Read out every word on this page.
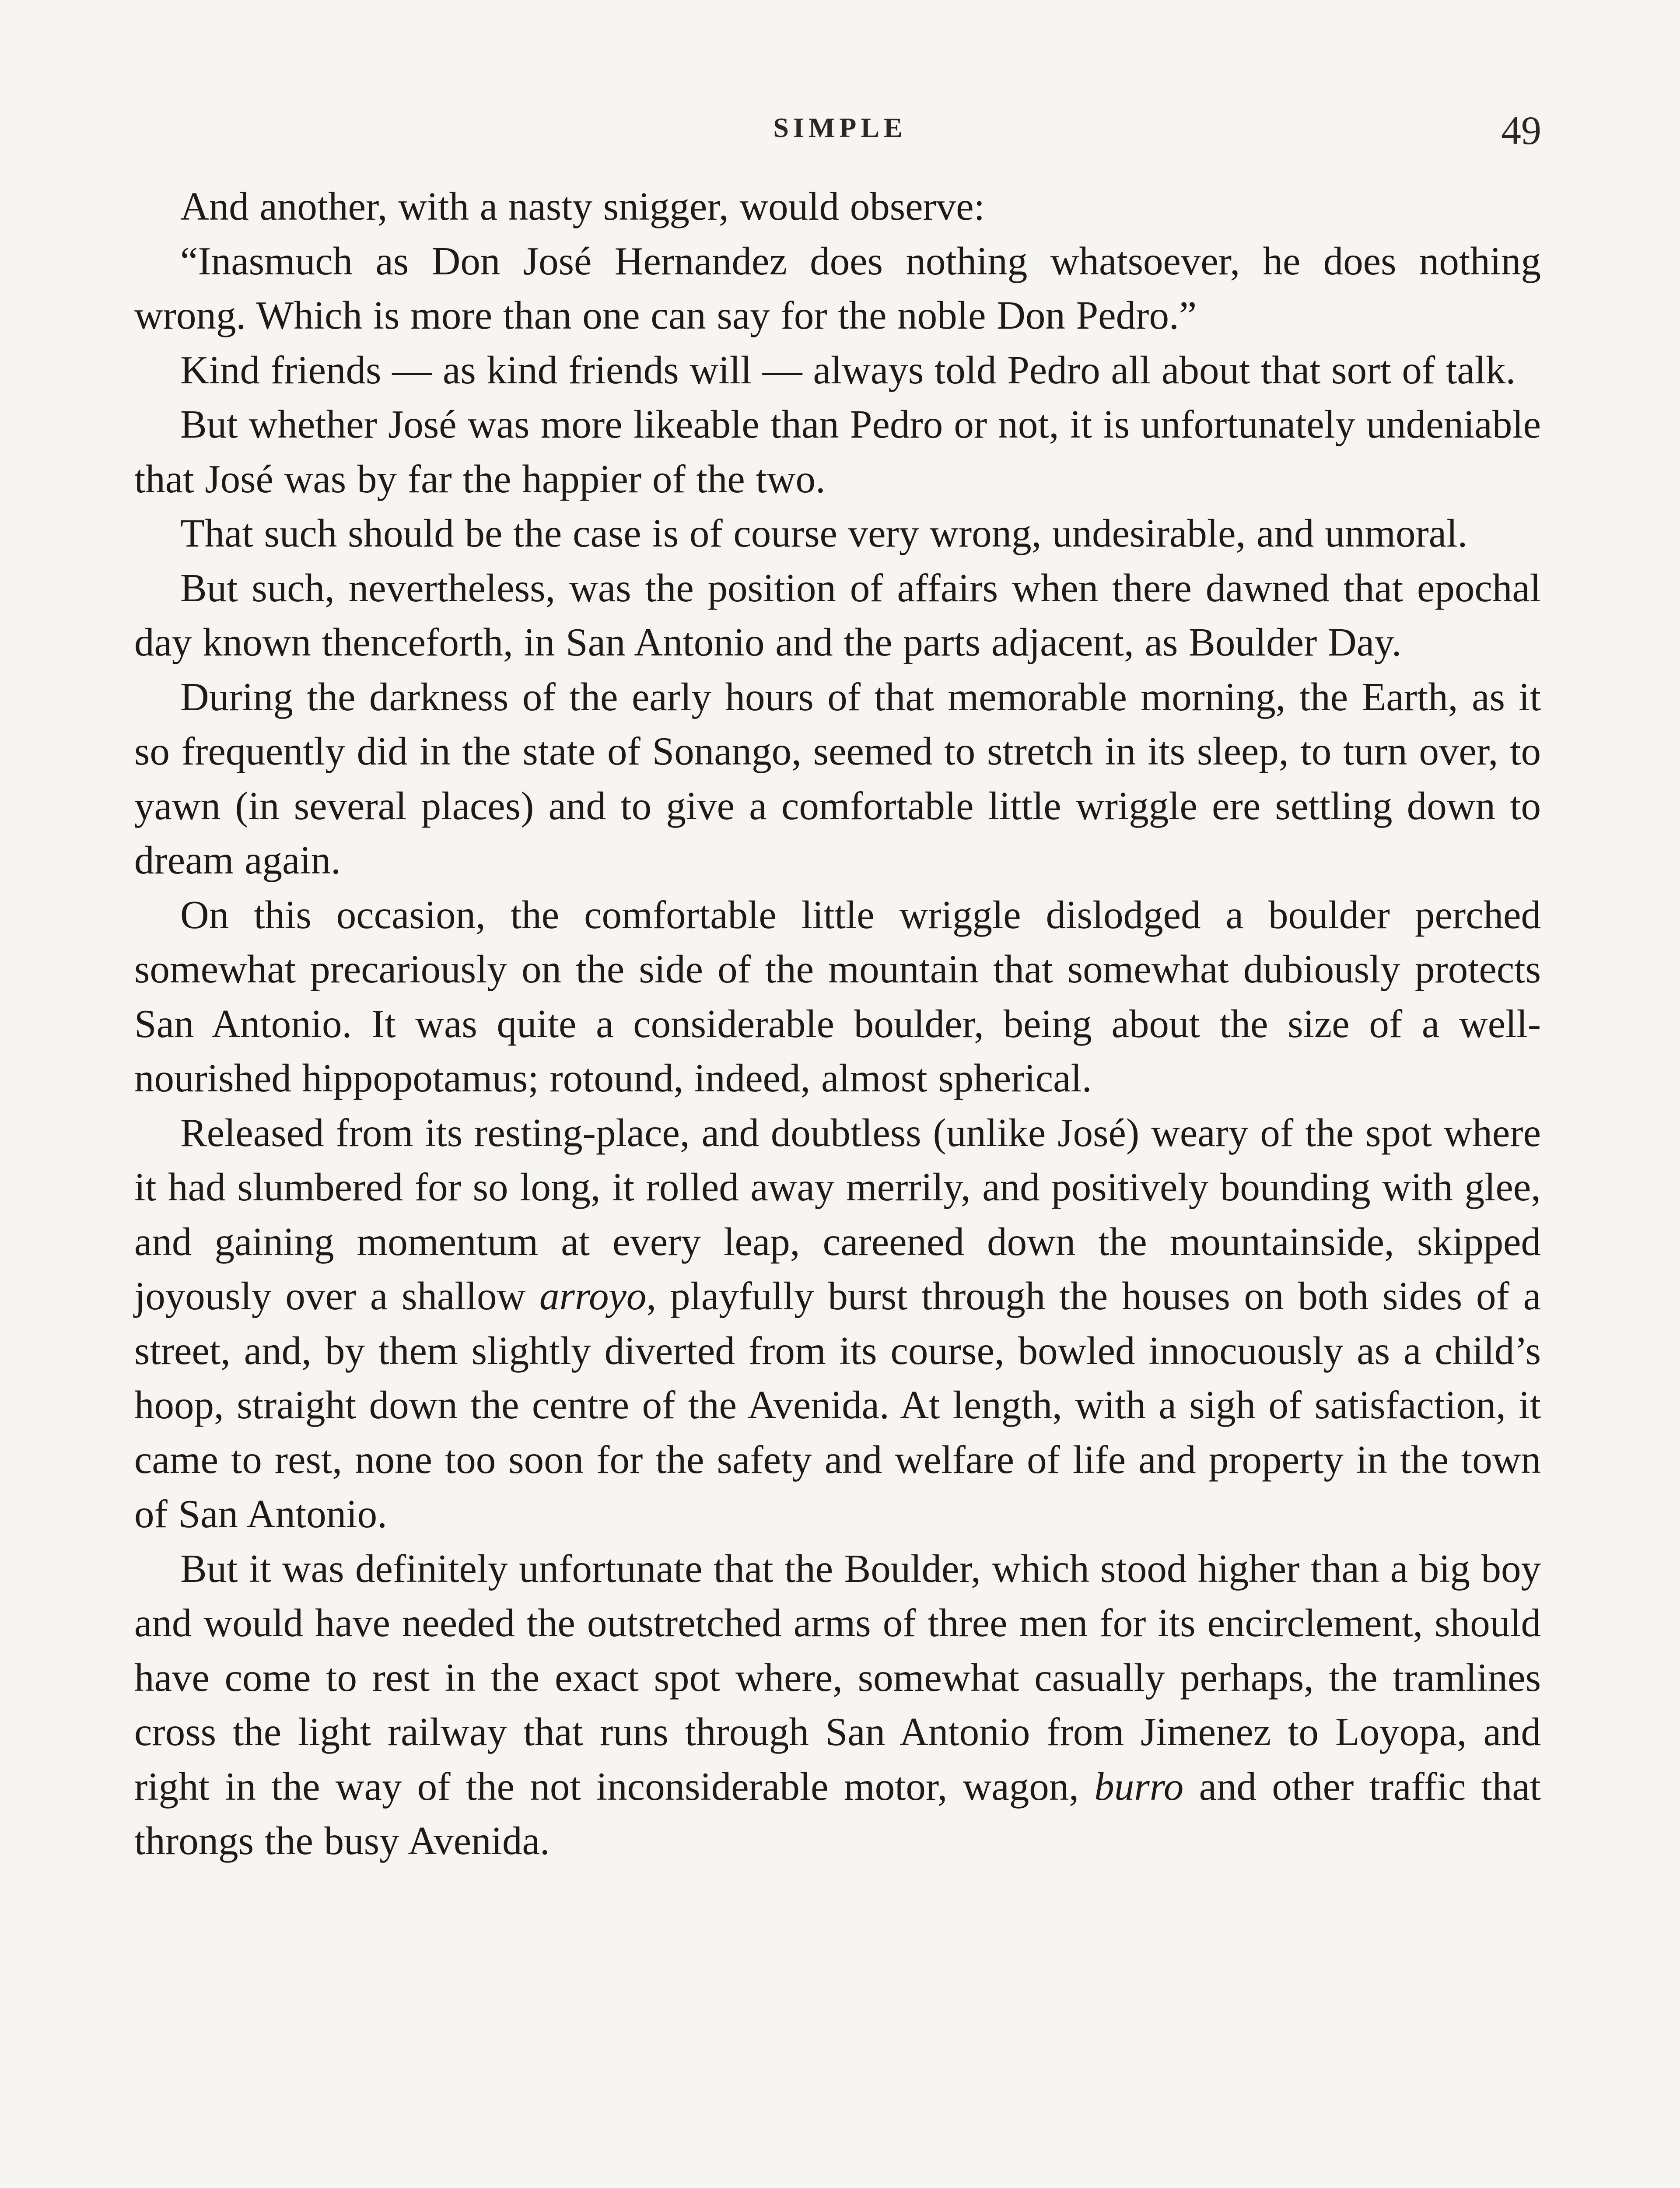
SIMPLE	49

And another, with a nasty snigger, would observe:

“Inasmuch as Don José Hernandez does nothing whatsoever, he does nothing wrong. Which is more than one can say for the noble Don Pedro.”

Kind friends — as kind friends will — always told Pedro all about that sort of talk.

But whether José was more likeable than Pedro or not, it is unfortunately undeniable that José was by far the happier of the two.

That such should be the case is of course very wrong, undesirable, and unmoral.

But such, nevertheless, was the position of affairs when there dawned that epochal day known thenceforth, in San Antonio and the parts adjacent, as Boulder Day.

During the darkness of the early hours of that memorable morning, the Earth, as it so frequently did in the state of Sonango, seemed to stretch in its sleep, to turn over, to yawn (in several places) and to give a comfortable little wriggle ere settling down to dream again.

On this occasion, the comfortable little wriggle dislodged a boulder perched somewhat precariously on the side of the mountain that somewhat dubiously protects San Antonio. It was quite a considerable boulder, being about the size of a well-nourished hippopotamus; rotound, indeed, almost spherical.

Released from its resting-place, and doubtless (unlike José) weary of the spot where it had slumbered for so long, it rolled away merrily, and positively bounding with glee, and gaining momentum at every leap, careened down the mountainside, skipped joyously over a shallow arroyo, playfully burst through the houses on both sides of a street, and, by them slightly diverted from its course, bowled innocuously as a child’s hoop, straight down the centre of the Avenida. At length, with a sigh of satisfaction, it came to rest, none too soon for the safety and welfare of life and property in the town of San Antonio.

But it was definitely unfortunate that the Boulder, which stood higher than a big boy and would have needed the outstretched arms of three men for its encirclement, should have come to rest in the exact spot where, somewhat casually perhaps, the tramlines cross the light railway that runs through San Antonio from Jimenez to Loyopa, and right in the way of the not inconsiderable motor, wagon, burro and other traffic that throngs the busy Avenida.
